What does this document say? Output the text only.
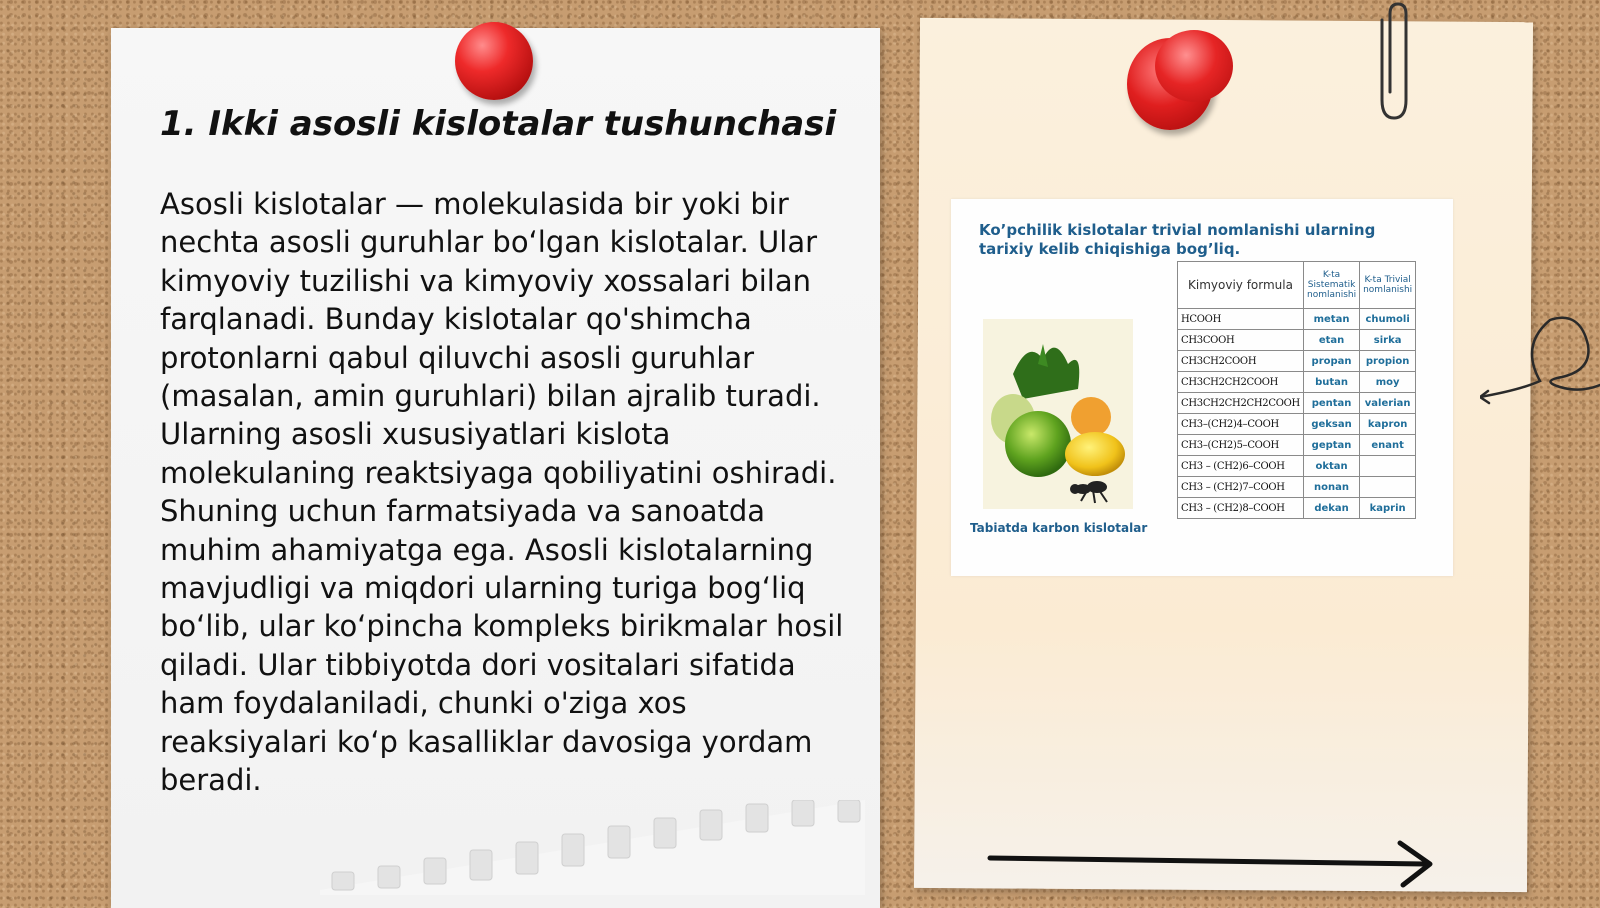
1. Ikki asosli kislotalar tushunchasi

Asosli kislotalar — molekulasida bir yoki bir nechta asosli guruhlar boʻlgan kislotalar. Ular kimyoviy tuzilishi va kimyoviy xossalari bilan farqlanadi. Bunday kislotalar qo'shimcha protonlarni qabul qiluvchi asosli guruhlar (masalan, amin guruhlari) bilan ajralib turadi. Ularning asosli xususiyatlari kislota molekulaning reaktsiyaga qobiliyatini oshiradi. Shuning uchun farmatsiyada va sanoatda muhim ahamiyatga ega. Asosli kislotalarning mavjudligi va miqdori ularning turiga bogʻliq boʻlib, ular koʻpincha kompleks birikmalar hosil qiladi. Ular tibbiyotda dori vositalari sifatida ham foydalaniladi, chunki o'ziga xos reaksiyalari koʻp kasalliklar davosiga yordam beradi.

Ko’pchilik kislotalar trivial nomlanishi ularning tarixiy kelib chiqishiga bog’liq.

Tabiatda karbon kislotalar
Kimyoviy formula	K-ta Sistematik nomlanishi	K-ta Trivial nomlanishi
HCOOH	metan	chumoli
CH3COOH	etan	sirka
CH3CH2COOH	propan	propion
CH3CH2CH2COOH	butan	moy
CH3CH2CH2CH2COOH	pentan	valerian
CH3–(CH2)4–COOH	geksan	kapron
CH3–(CH2)5–COOH	geptan	enant
CH3 – (CH2)6–COOH	oktan	
CH3 – (CH2)7–COOH	nonan	
CH3 – (CH2)8–COOH	dekan	kaprin
